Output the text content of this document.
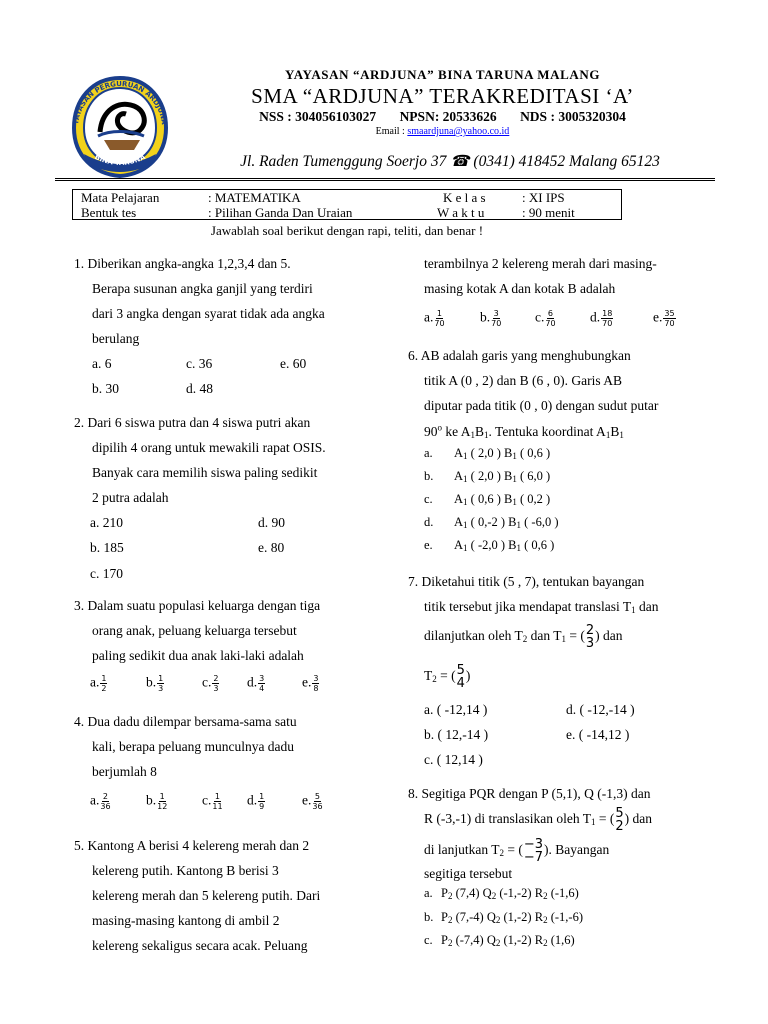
YAYASAN PERGURUAN ARDJUNA
BINA TARUNA
YAYASAN “ARDJUNA” BINA TARUNA MALANG
SMA “ARDJUNA” TERAKREDITASI ‘A’
NSS : 304056103027 NPSN: 20533626 NDS : 3005320304
Email : smaardjuna@yahoo.co.id
Jl. Raden Tumenggung Soerjo 37 ☎ (0341) 418452 Malang 65123
Mata Pelajaran	: MATEMATIKA	K e l a s	: XI IPS
Bentuk tes	: Pilihan Ganda Dan Uraian	W a k t u	: 90 menit
Jawablah soal berikut dengan rapi, teliti, dan benar !
1. Diberikan angka-angka 1,2,3,4 dan 5.
Berapa susunan angka ganjil yang terdiri
dari 3 angka dengan syarat tidak ada angka
berulang
a. 6	c. 36	e. 60
b. 30	d. 48
2. Dari 6 siswa putra dan 4 siswa putri akan
dipilih 4 orang untuk mewakili rapat OSIS.
Banyak cara memilih siswa paling sedikit
2 putra adalah
a. 210	d. 90
b. 185	e. 80
c. 170
3. Dalam suatu populasi keluarga dengan tiga
orang anak, peluang keluarga tersebut
paling sedikit dua anak laki-laki adalah
a. $\frac{1}{2}$	b. $\frac{1}{3}$	c. $\frac{2}{3} d$. $\frac{3}{4}$	e. $\frac{3}{8}$
4. Dua dadu dilempar bersama-sama satu
kali, berapa peluang munculnya dadu
berjumlah 8
a. $\frac{2}{36}$	b. $\frac{1}{12}$	c. $\frac{1}{11} d$. $\frac{1}{9}$	e. $\frac{5}{36}$
5. Kantong A berisi 4 kelereng merah dan 2
kelereng putih. Kantong B berisi 3
kelereng merah dan 5 kelereng putih. Dari
masing-masing kantong di ambil 2
kelereng sekaligus secara acak. Peluang
terambilnya 2 kelereng merah dari masing-
masing kotak A dan kotak B adalah
a. $\frac{1}{70}$	b. $\frac{3}{70} c$. $\frac{6}{70}$	d. $\frac{18}{70}$	e. $\frac{35}{70}$
6. AB adalah garis yang menghubungkan
titik A (0 , 2) dan B (6 , 0). Garis AB
diputar pada titik (0 , 0) dengan sudut putar
90$^o$ ke $A_1B_1$. Tentuka koordinat $A_1B_1$
a. $A_1$ ( 2,0 ) $B_1$ ( 0,6 )
b. $A_1$ ( 2,0 ) $B_1$ ( 6,0 )
c. $A_1$ ( 0,6 ) $B_1$ ( 0,2 )
d. $A_1$ ( 0,-2 ) $B_1$ ( -6,0 )
e. $A_1$ ( -2,0 ) $B_1$ ( 0,6 )
7. Diketahui titik (5 , 7), tentukan bayangan
titik tersebut jika mendapat translasi $T_1$ dan
dilanjutkan oleh $T_2$ dan $T_1$ = ( 2
3
) dan
$T_2$ = ( 5
4
)
a. ( -12,14 )	d. ( -12,-14 )
b. ( 12,-14 )	e. ( -14,12 )
c. ( 12,14 )
8. Segitiga PQR dengan P (5,1), Q (-1,3) dan
R (-3,-1) di translasikan oleh $T_1$ = ( 5
2
) dan
di lanjutkan $T_2$ = ( −3
−7
). Bayangan
segitiga tersebut
a. $P_2$ (7,4) $Q_2$ (-1,-2) $R_2$ (-1,6)
b. $P_2$ (7,-4) $Q_2$ (1,-2) $R_2$ (-1,-6)
c. $P_2$ (-7,4) $Q_2$ (1,-2) $R_2$ (1,6)
